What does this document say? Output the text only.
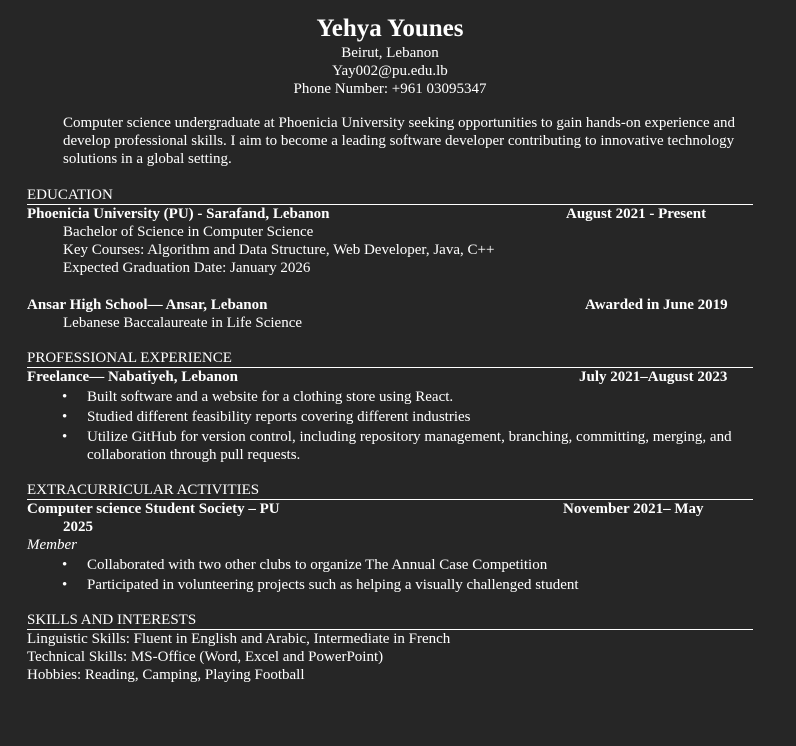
Yehya Younes
Beirut, Lebanon
Yay002@pu.edu.lb
Phone Number: +961 03095347
Computer science undergraduate at Phoenicia University seeking opportunities to gain hands-on experience and develop professional skills. I aim to become a leading software developer contributing to innovative technology solutions in a global setting.
EDUCATION
Phoenicia University (PU) - Sarafand, Lebanon	August 2021 - Present
Bachelor of Science in Computer Science
Key Courses: Algorithm and Data Structure, Web Developer, Java, C++
Expected Graduation Date: January 2026
Ansar High School— Ansar, Lebanon	Awarded in June 2019
Lebanese Baccalaureate in Life Science
PROFESSIONAL EXPERIENCE
Freelance— Nabatiyeh, Lebanon	July 2021–August 2023
• Built software and a website for a clothing store using React.
• Studied different feasibility reports covering different industries
• Utilize GitHub for version control, including repository management, branching, committing, merging, and collaboration through pull requests.
EXTRACURRICULAR ACTIVITIES
Computer science Student Society – PU	November 2021– May
2025
Member
• Collaborated with two other clubs to organize The Annual Case Competition
• Participated in volunteering projects such as helping a visually challenged student
SKILLS AND INTERESTS
Linguistic Skills: Fluent in English and Arabic, Intermediate in French
Technical Skills: MS-Office (Word, Excel and PowerPoint)
Hobbies: Reading, Camping, Playing Football
